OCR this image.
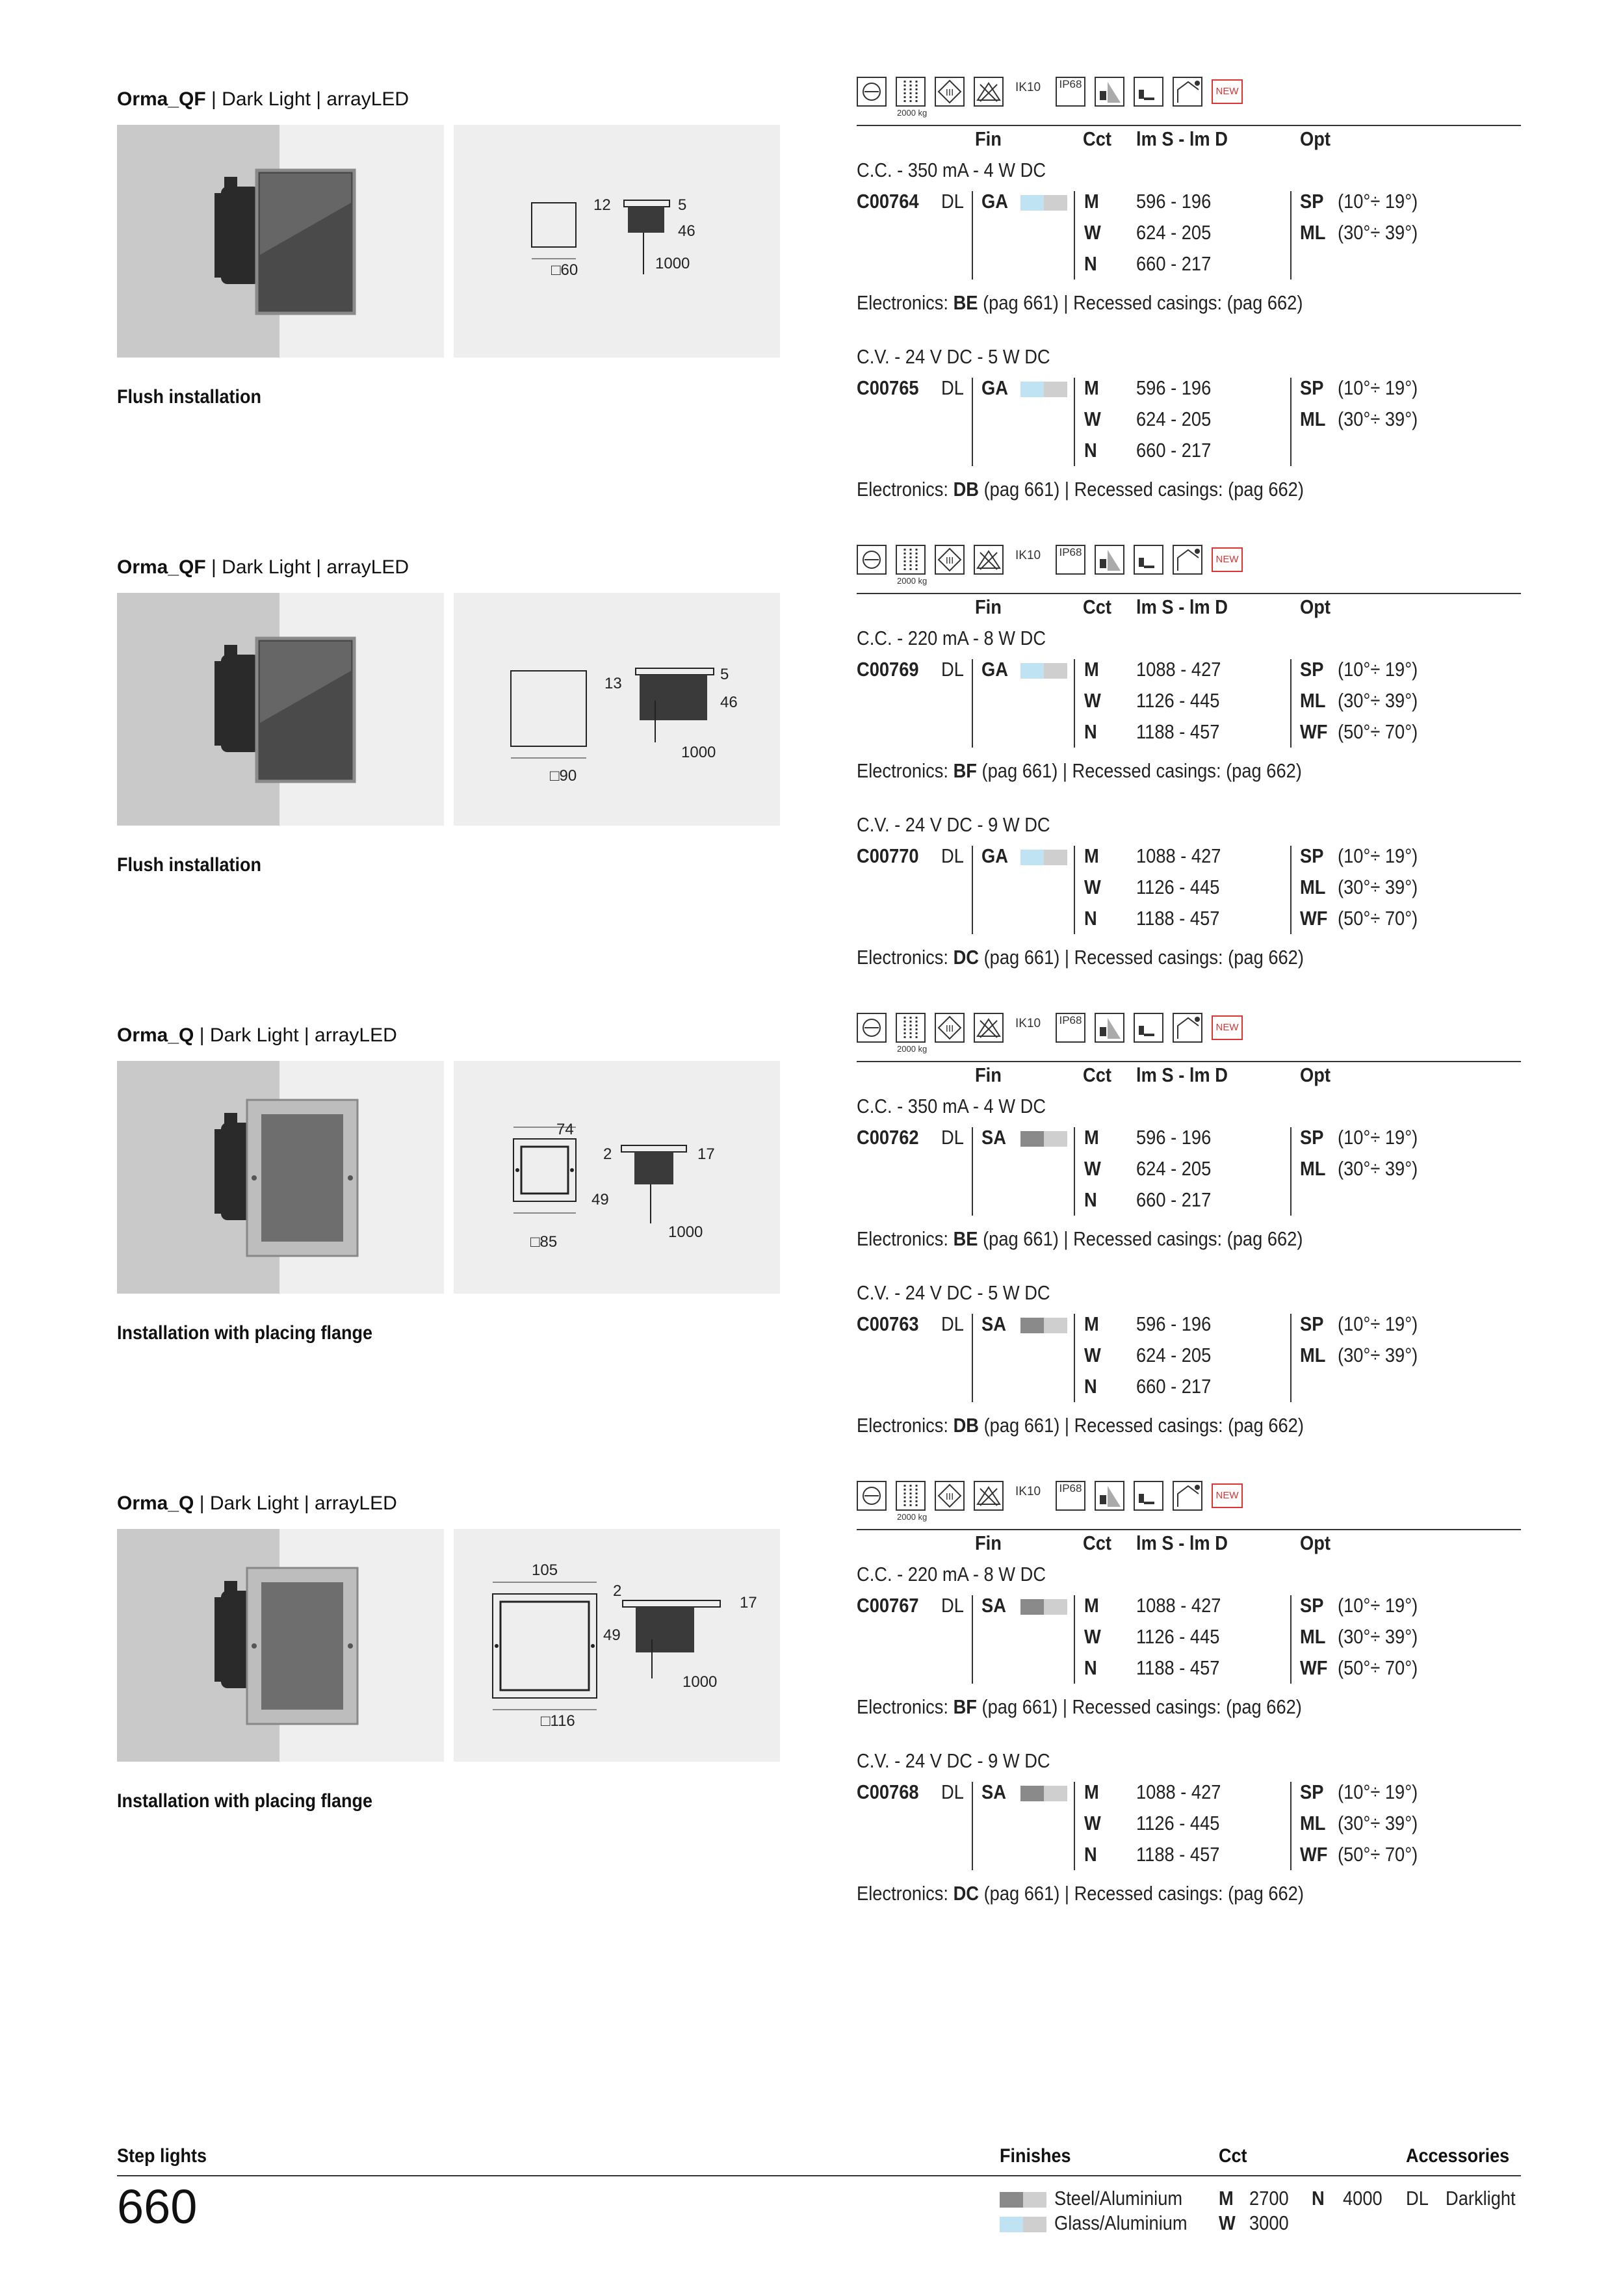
Orma_QF | Dark Light | arrayLED
12	5
46
1000
□60
Flush installation
III
2000 kg
IK10	IP68
NEW
Fin	Cct lm S - lm D	Opt
C.C. - 350 mA - 4 W DC
C00764 DL GA	M 596 - 196	SP (10°÷ 19°)
W 624 - 205	ML (30°÷ 39°)
N 660 - 217
Electronics: BE (pag 661) | Recessed casings: (pag 662)
C.V. - 24 V DC - 5 W DC
C00765 DL GA	M 596 - 196	SP (10°÷ 19°)
W 624 - 205	ML (30°÷ 39°)
N 660 - 217
Electronics: DB (pag 661) | Recessed casings: (pag 662)
Orma_QF | Dark Light | arrayLED
13
5
46
1000
□90
Flush installation
III
2000 kg
IK10	IP68
NEW
Fin	Cct lm S - lm D	Opt
C.C. - 220 mA - 8 W DC
C00769 DL GA	M 1088 - 427	SP (10°÷ 19°)
W 1126 - 445	ML (30°÷ 39°)
N 1188 - 457	WF (50°÷ 70°)
Electronics: BF (pag 661) | Recessed casings: (pag 662)
C.V. - 24 V DC - 9 W DC
C00770 DL GA	M 1088 - 427	SP (10°÷ 19°)
W 1126 - 445	ML (30°÷ 39°)
N 1188 - 457	WF (50°÷ 70°)
Electronics: DC (pag 661) | Recessed casings: (pag 662)
Orma_Q | Dark Light | arrayLED
74
2	17
49
1000
□85
Installation with placing flange
III
2000 kg
IK10	IP68
NEW
Fin	Cct lm S - lm D	Opt
C.C. - 350 mA - 4 W DC
C00762 DL SA	M 596 - 196	SP (10°÷ 19°)
W 624 - 205	ML (30°÷ 39°)
N 660 - 217
Electronics: BE (pag 661) | Recessed casings: (pag 662)
C.V. - 24 V DC - 5 W DC
C00763 DL SA	M 596 - 196	SP (10°÷ 19°)
W 624 - 205	ML (30°÷ 39°)
N 660 - 217
Electronics: DB (pag 661) | Recessed casings: (pag 662)
Orma_Q | Dark Light | arrayLED
105
2
17
49
1000
□116
Installation with placing flange
III
2000 kg
IK10	IP68
NEW
Fin	Cct lm S - lm D	Opt
C.C. - 220 mA - 8 W DC
C00767 DL SA	M 1088 - 427	SP (10°÷ 19°)
W 1126 - 445	ML (30°÷ 39°)
N 1188 - 457	WF (50°÷ 70°)
Electronics: BF (pag 661) | Recessed casings: (pag 662)
C.V. - 24 V DC - 9 W DC
C00768 DL SA	M 1088 - 427	SP (10°÷ 19°)
W 1126 - 445	ML (30°÷ 39°)
N 1188 - 457	WF (50°÷ 70°)
Electronics: DC (pag 661) | Recessed casings: (pag 662)
Step lights	Finishes	Cct	Accessories
660	Steel/Aluminium
Glass/Aluminium
M 2700 N 4000
W 3000
DL Darklight
